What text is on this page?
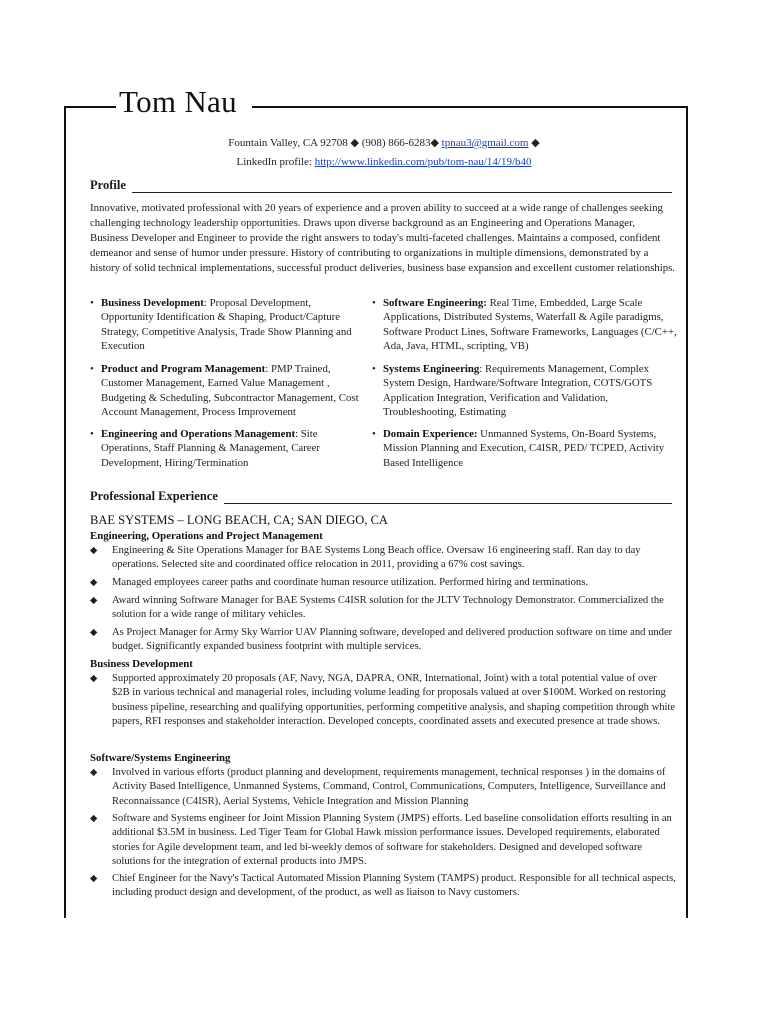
Tom Nau
Fountain Valley, CA 92708 ◆ (908) 866-6283◆ tpnau3@gmail.com ◆
LinkedIn profile: http://www.linkedin.com/pub/tom-nau/14/19/b40
Profile

Innovative, motivated professional with 20 years of experience and a proven ability to succeed at a wide range of challenges seeking challenging technology leadership opportunities. Draws upon diverse background as an Engineering and Operations Manager, Business Developer and Engineer to provide the right answers to today's multi-faceted challenges. Maintains a composed, confident demeanor and sense of humor under pressure. History of contributing to organizations in multiple dimensions, demonstrated by a history of solid technical implementations, successful product deliveries, business base expansion and excellent customer relationships.

• Business Development: Proposal Development, Opportunity Identification & Shaping, Product/Capture Strategy, Competitive Analysis, Trade Show Planning and Execution
• Software Engineering: Real Time, Embedded, Large Scale Applications, Distributed Systems, Waterfall & Agile paradigms, Software Product Lines, Software Frameworks, Languages (C/C++, Ada, Java, HTML, scripting, VB)
• Product and Program Management: PMP Trained, Customer Management, Earned Value Management , Budgeting & Scheduling, Subcontractor Management, Cost Account Management, Process Improvement
• Systems Engineering: Requirements Management, Complex System Design, Hardware/Software Integration, COTS/GOTS Application Integration, Verification and Validation, Troubleshooting, Estimating
• Engineering and Operations Management: Site Operations, Staff Planning & Management, Career Development, Hiring/Termination
• Domain Experience: Unmanned Systems, On-Board Systems, Mission Planning and Execution, C4ISR, PED/ TCPED, Activity Based Intelligence
Professional Experience
BAE SYSTEMS – LONG BEACH, CA; SAN DIEGO, CA
Engineering, Operations and Project Management
◆	Engineering & Site Operations Manager for BAE Systems Long Beach office. Oversaw 16 engineering staff. Ran day to day operations. Selected site and coordinated office relocation in 2011, providing a 67% cost savings.
◆	Managed employees career paths and coordinate human resource utilization. Performed hiring and terminations.
◆	Award winning Software Manager for BAE Systems C4ISR solution for the JLTV Technology Demonstrator. Commercialized the solution for a wide range of military vehicles.
◆	As Project Manager for Army Sky Warrior UAV Planning software, developed and delivered production software on time and under budget. Significantly expanded business footprint with multiple services.
Business Development
◆	Supported approximately 20 proposals (AF, Navy, NGA, DAPRA, ONR, International, Joint) with a total potential value of over $2B in various technical and managerial roles, including volume leading for proposals valued at over $100M. Worked on restoring business pipeline, researching and qualifying opportunities, performing competitive analysis, and shaping competition through white papers, RFI responses and stakeholder interaction. Developed concepts, coordinated assets and executed presence at trade shows.
Software/Systems Engineering
◆	Involved in various efforts (product planning and development, requirements management, technical responses ) in the domains of Activity Based Intelligence, Unmanned Systems, Command, Control, Communications, Computers, Intelligence, Surveillance and Reconnaissance (C4ISR), Aerial Systems, Vehicle Integration and Mission Planning
◆	Software and Systems engineer for Joint Mission Planning System (JMPS) efforts. Led baseline consolidation efforts resulting in an additional $3.5M in business. Led Tiger Team for Global Hawk mission performance issues. Developed requirements, elaborated stories for Agile development team, and led bi-weekly demos of software for stakeholders. Designed and developed software solutions for the integration of external products into JMPS.
◆	Chief Engineer for the Navy's Tactical Automated Mission Planning System (TAMPS) product. Responsible for all technical aspects, including product design and development, of the product, as well as liaison to Navy customers.
